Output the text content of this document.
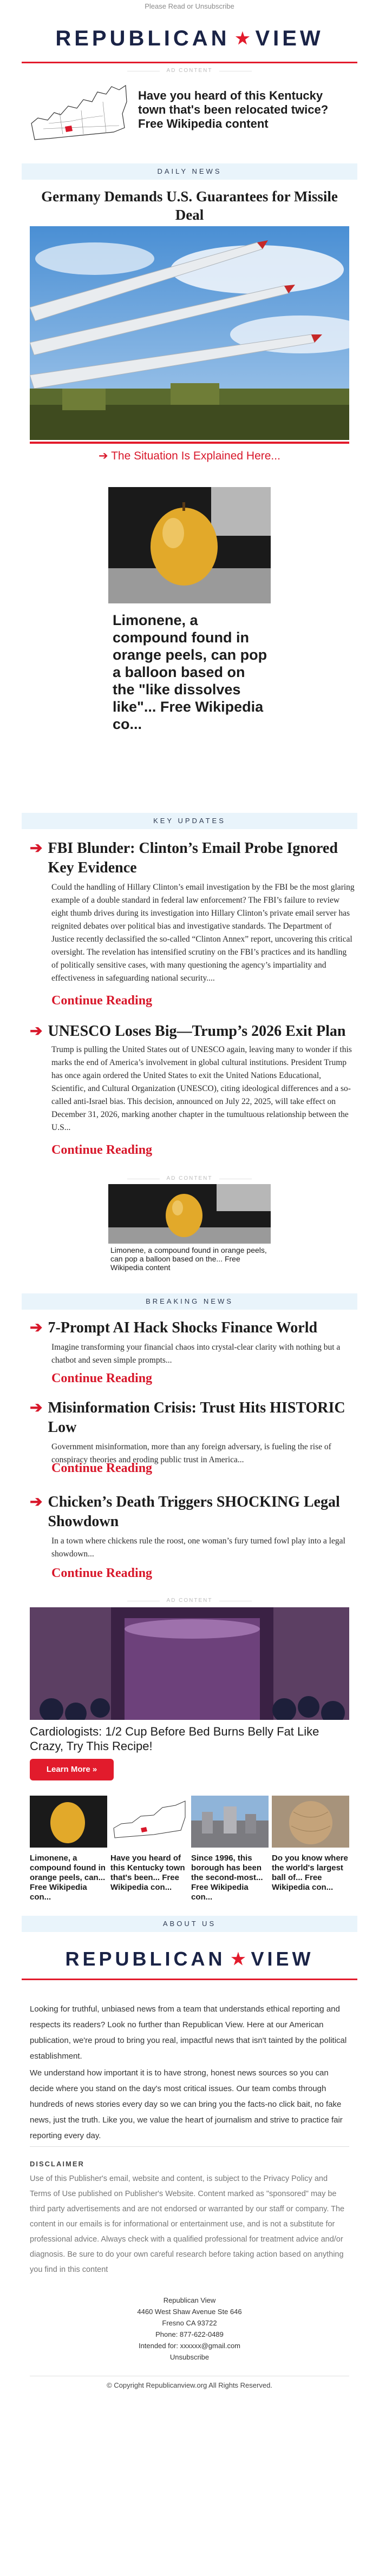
Please Read or Unsubscribe
REPUBLICAN ★ VIEW
AD CONTENT
Have you heard of this Kentucky town that's been relocated twice? Free Wikipedia content
DAILY NEWS
Germany Demands U.S. Guarantees for Missile Deal
➔ The Situation Is Explained Here...
Limonene, a compound found in orange peels, can pop a balloon based on the "like dissolves like"... Free Wikipedia co...
KEY UPDATES
➔ FBI Blunder: Clinton’s Email Probe Ignored Key Evidence
Could the handling of Hillary Clinton’s email investigation by the FBI be the most glaring example of a double standard in federal law enforcement? The FBI’s failure to review eight thumb drives during its investigation into Hillary Clinton’s private email server has reignited debates over political bias and investigative standards. The Department of Justice recently declassified the so-called “Clinton Annex” report, uncovering this critical oversight. The revelation has intensified scrutiny on the FBI’s practices and its handling of politically sensitive cases, with many questioning the agency’s impartiality and effectiveness in safeguarding national security....
Continue Reading
➔ UNESCO Loses Big—Trump’s 2026 Exit Plan
Trump is pulling the United States out of UNESCO again, leaving many to wonder if this marks the end of America’s involvement in global cultural institutions. President Trump has once again ordered the United States to exit the United Nations Educational, Scientific, and Cultural Organization (UNESCO), citing ideological differences and a so-called anti-Israel bias. This decision, announced on July 22, 2025, will take effect on December 31, 2026, marking another chapter in the tumultuous relationship between the U.S...
Continue Reading
AD CONTENT
Limonene, a compound found in orange peels, can pop a balloon based on the... Free Wikipedia content
BREAKING NEWS
➔ 7-Prompt AI Hack Shocks Finance World
Imagine transforming your financial chaos into crystal-clear clarity with nothing but a chatbot and seven simple prompts...
Continue Reading
➔ Misinformation Crisis: Trust Hits HISTORIC Low
Government misinformation, more than any foreign adversary, is fueling the rise of conspiracy theories and eroding public trust in America...
Continue Reading
➔ Chicken’s Death Triggers SHOCKING Legal Showdown
In a town where chickens rule the roost, one woman’s fury turned fowl play into a legal showdown...
Continue Reading
AD CONTENT
Cardiologists: 1/2 Cup Before Bed Burns Belly Fat Like Crazy, Try This Recipe!
Learn More »
Limonene, a compound found in orange peels, can... Free Wikipedia con...
Have you heard of this Kentucky town that's been... Free Wikipedia con...
Since 1996, this borough has been the second-most... Free Wikipedia con...
Do you know where the world's largest ball of... Free Wikipedia con...
ABOUT US
REPUBLICAN ★ VIEW
Looking for truthful, unbiased news from a team that understands ethical reporting and respects its readers? Look no further than Republican View. Here at our American publication, we're proud to bring you real, impactful news that isn't tainted by the political establishment.
We understand how important it is to have strong, honest news sources so you can decide where you stand on the day's most critical issues. Our team combs through hundreds of news stories every day so we can bring you the facts-no click bait, no fake news, just the truth. Like you, we value the heart of journalism and strive to practice fair reporting every day.
DISCLAIMER
Use of this Publisher's email, website and content, is subject to the Privacy Policy and Terms of Use published on Publisher's Website. Content marked as "sponsored" may be third party advertisements and are not endorsed or warranted by our staff or company. The content in our emails is for informational or entertainment use, and is not a substitute for professional advice. Always check with a qualified professional for treatment advice and/or diagnosis. Be sure to do your own careful research before taking action based on anything you find in this content
Republican View
4460 West Shaw Avenue Ste 646
Fresno CA 93722
Phone: 877-622-0489
Intended for: xxxxxx@gmail.com
Unsubscribe
© Copyright Republicanview.org All Rights Reserved.
